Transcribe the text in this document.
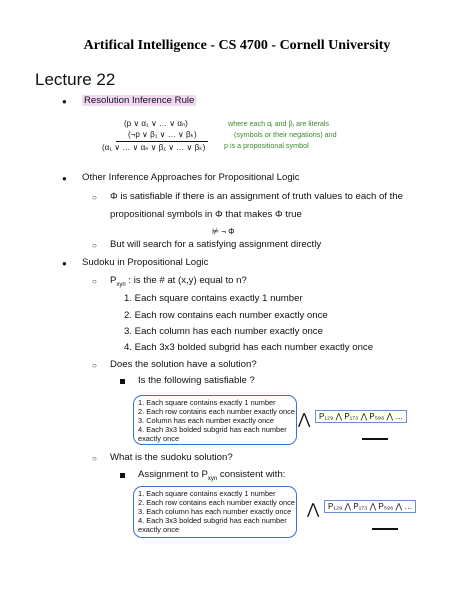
Artifical Intelligence - CS 4700 - Cornell University
Lecture 22
● Resolution Inference Rule
(p ∨ α₁ ∨ … ∨ αₙ)
(¬p ∨ β₁ ∨ … ∨ βₖ)
(α₁ ∨ … ∨ αₙ ∨ β₁ ∨ … ∨ βₖ)
where each αⱼ and βⱼ are literals
(symbols or their negations) and
p is a propositional symbol
● Other Inference Approaches for Propositional Logic
○ Φ is satisfiable if there is an assignment of truth values to each of the
propositional symbols in Φ that makes Φ true
⊭ ¬ Φ
○ But will search for a satisfying assignment directly
● Sudoku in Propositional Logic
○ $P_{xyn}$ : is the # at (x,y) equal to n?
1. Each square contains exactly 1 number
2. Each row contains each number exactly once
3. Each column has each number exactly once
4. Each 3x3 bolded subgrid has each number exactly once
○ Does the solution have a solution?
Is the following satisfiable ?
1. Each square contains exactly 1 number
2. Each row contains each number exactly once
3. Column has each number exactly once
4. Each 3x3 bolded subgrid has each number
exactly once
⋀	P₁₂₉ ⋀ P₁₇₃ ⋀ P₅₉₆ ⋀ …
○ What is the sudoku solution?
Assignment to $P_{xyn}$ consistent with:
1. Each square contains exactly 1 number
2. Each row contains each number exactly once
3. Each column has each number exactly once
4. Each 3x3 bolded subgrid has each number
exactly once
⋀	P₁₂₉ ⋀ P₁₇₃ ⋀ P₅₉₆ ⋀ …
